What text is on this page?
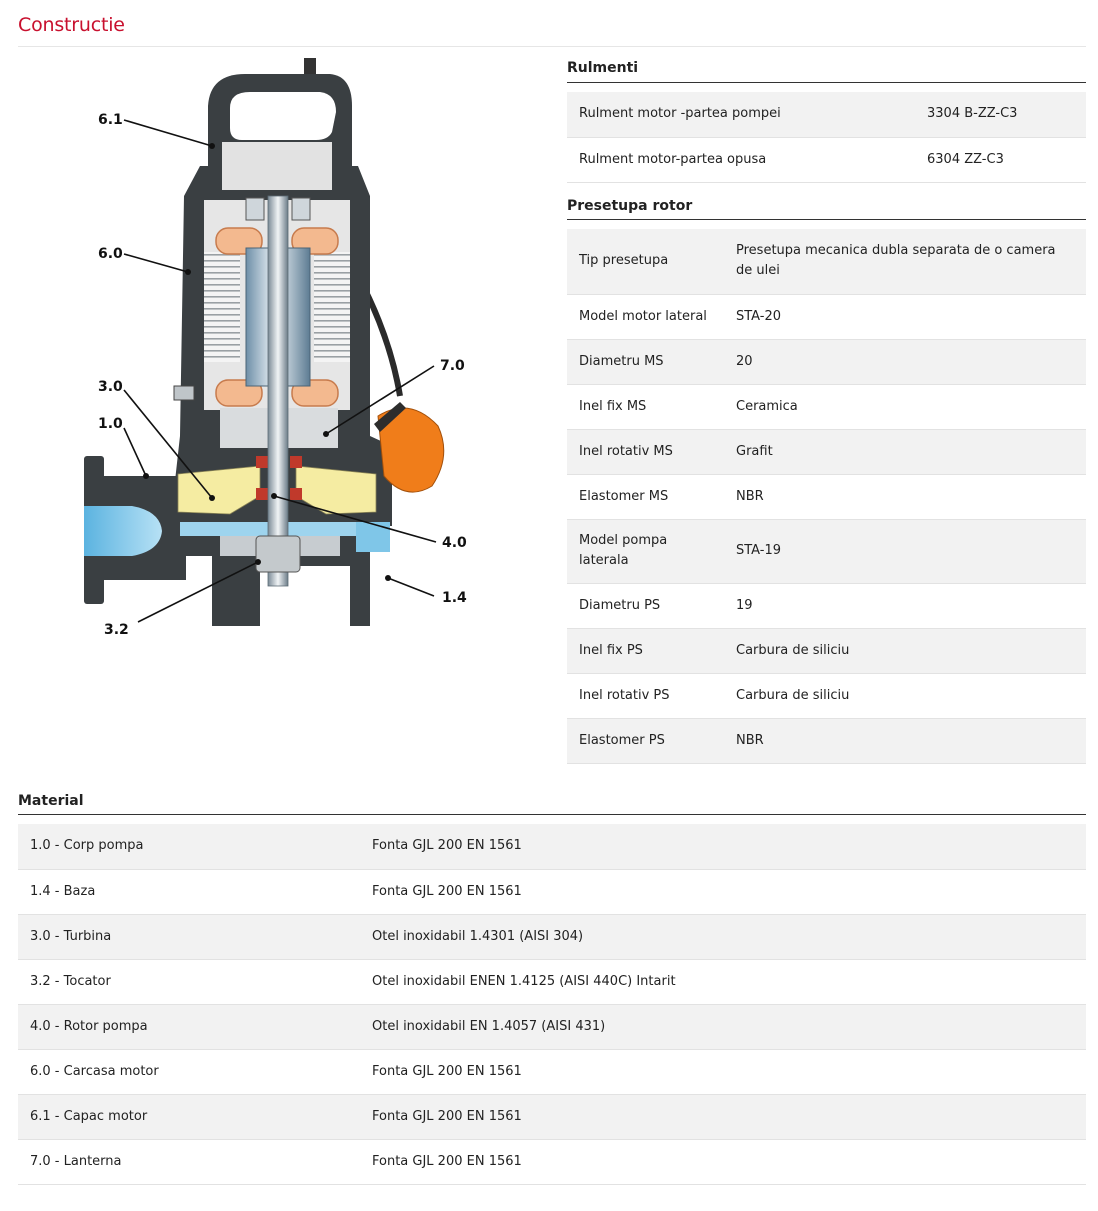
Constructie
6.1
6.0
7.0
3.0
1.0
4.0
1.4
3.2
Rulmenti
Rulment motor -partea pompei	3304 B-ZZ-C3
Rulment motor-partea opusa	6304 ZZ-C3
Presetupa rotor
Tip presetupa	Presetupa mecanica dubla separata de o camera de ulei
Model motor lateral	STA-20
Diametru MS	20
Inel fix MS	Ceramica
Inel rotativ MS	Grafit
Elastomer MS	NBR
Model pompa laterala	STA-19
Diametru PS	19
Inel fix PS	Carbura de siliciu
Inel rotativ PS	Carbura de siliciu
Elastomer PS	NBR
Material
1.0 - Corp pompa	Fonta GJL 200 EN 1561
1.4 - Baza	Fonta GJL 200 EN 1561
3.0 - Turbina	Otel inoxidabil 1.4301 (AISI 304)
3.2 - Tocator	Otel inoxidabil ENEN 1.4125 (AISI 440C) Intarit
4.0 - Rotor pompa	Otel inoxidabil EN 1.4057 (AISI 431)
6.0 - Carcasa motor	Fonta GJL 200 EN 1561
6.1 - Capac motor	Fonta GJL 200 EN 1561
7.0 - Lanterna	Fonta GJL 200 EN 1561
